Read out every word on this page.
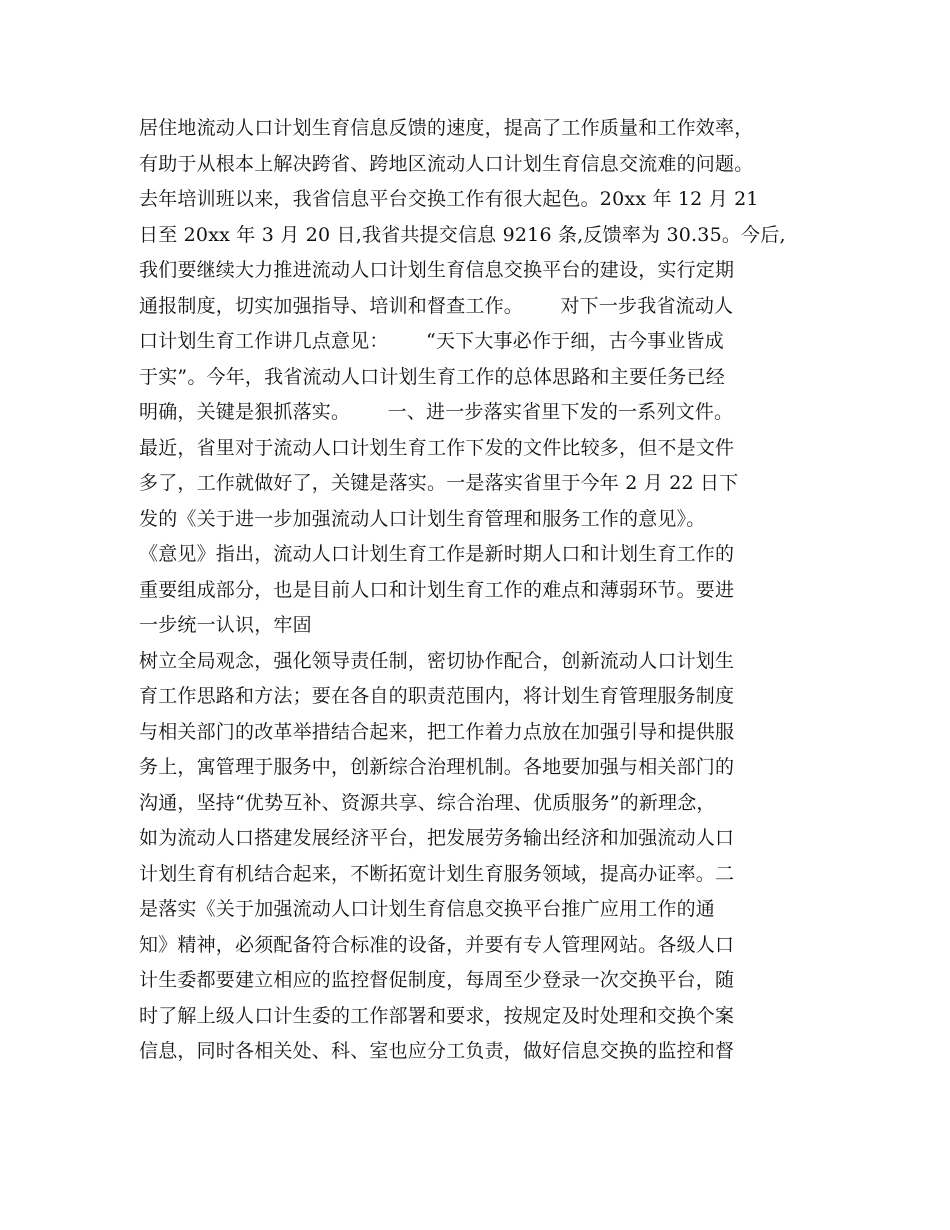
居住地流动人口计划生育信息反馈的速度，提高了工作质量和工作效率，
有助于从根本上解决跨省、跨地区流动人口计划生育信息交流难的问题。
去年培训班以来，我省信息平台交换工作有很大起色。20xx 年 12 月 21
日至 20xx 年 3 月 20 日,我省共提交信息 9216 条,反馈率为 30.35。今后,
我们要继续大力推进流动人口计划生育信息交换平台的建设，实行定期
通报制度，切实加强指导、培训和督查工作。      对下一步我省流动人
口计划生育工作讲几点意见：      “天下大事必作于细，古今事业皆成
于实”。今年，我省流动人口计划生育工作的总体思路和主要任务已经
明确，关键是狠抓落实。      一、进一步落实省里下发的一系列文件。
最近，省里对于流动人口计划生育工作下发的文件比较多，但不是文件
多了，工作就做好了，关键是落实。一是落实省里于今年 2 月 22 日下
发的《关于进一步加强流动人口计划生育管理和服务工作的意见》。
《意见》指出，流动人口计划生育工作是新时期人口和计划生育工作的
重要组成部分，也是目前人口和计划生育工作的难点和薄弱环节。要进
一步统一认识，牢固
树立全局观念，强化领导责任制，密切协作配合，创新流动人口计划生
育工作思路和方法；要在各自的职责范围内，将计划生育管理服务制度
与相关部门的改革举措结合起来，把工作着力点放在加强引导和提供服
务上，寓管理于服务中，创新综合治理机制。各地要加强与相关部门的
沟通，坚持“优势互补、资源共享、综合治理、优质服务”的新理念，
如为流动人口搭建发展经济平台，把发展劳务输出经济和加强流动人口
计划生育有机结合起来，不断拓宽计划生育服务领域，提高办证率。二
是落实《关于加强流动人口计划生育信息交换平台推广应用工作的通
知》精神，必须配备符合标准的设备，并要有专人管理网站。各级人口
计生委都要建立相应的监控督促制度，每周至少登录一次交换平台，随
时了解上级人口计生委的工作部署和要求，按规定及时处理和交换个案
信息，同时各相关处、科、室也应分工负责，做好信息交换的监控和督
